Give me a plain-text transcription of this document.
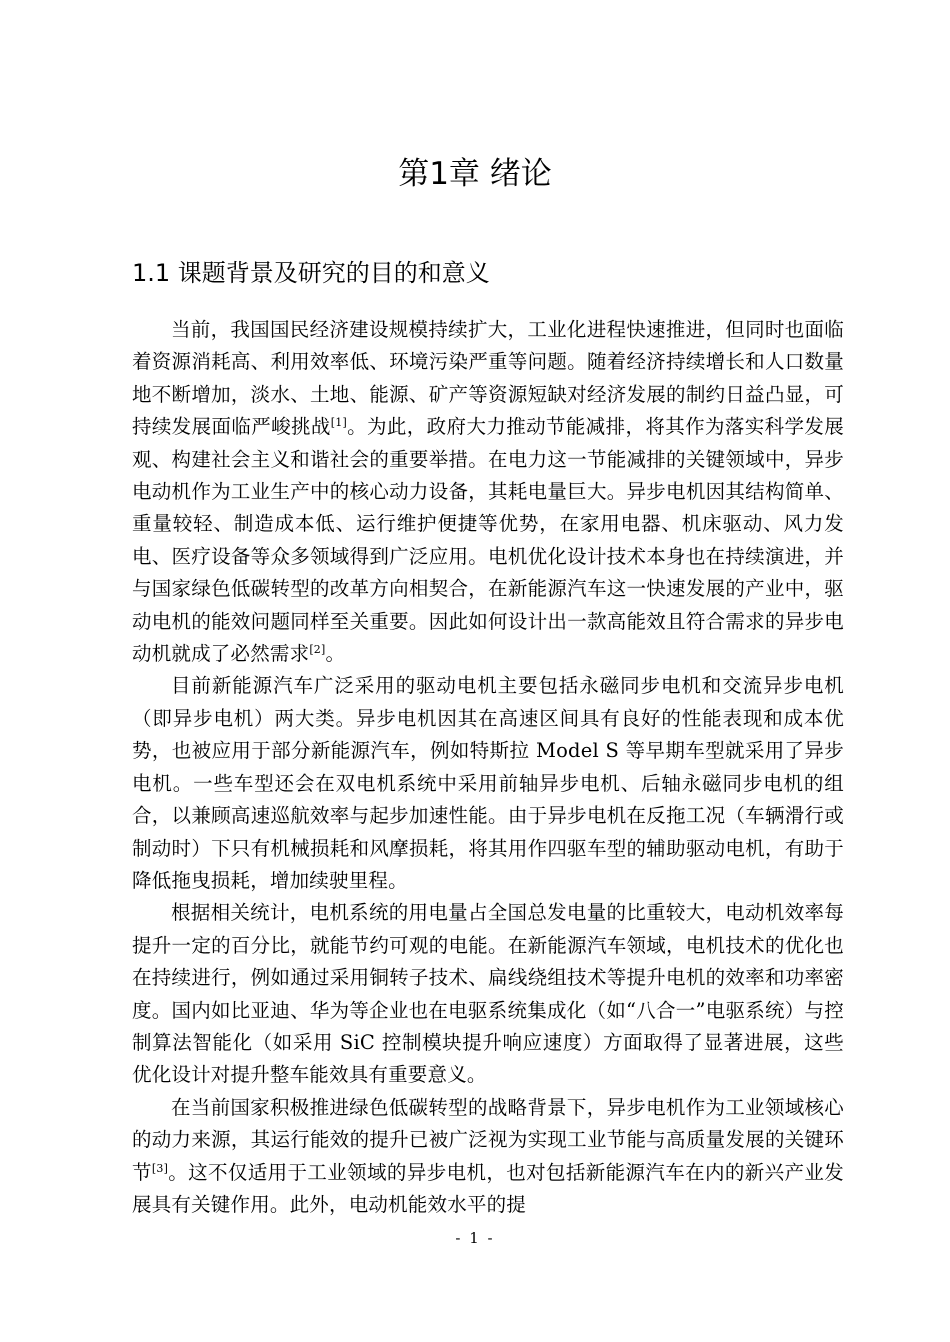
第1章 绪论
1.1 课题背景及研究的目的和意义

当前，我国国民经济建设规模持续扩大，工业化进程快速推进，但同时也面临着资源消耗高、利用效率低、环境污染严重等问题。随着经济持续增长和人口数量地不断增加，淡水、土地、能源、矿产等资源短缺对经济发展的制约日益凸显，可持续发展面临严峻挑战[1]。为此，政府大力推动节能减排，将其作为落实科学发展观、构建社会主义和谐社会的重要举措。在电力这一节能减排的关键领域中，异步电动机作为工业生产中的核心动力设备，其耗电量巨大。异步电机因其结构简单、重量较轻、制造成本低、运行维护便捷等优势，在家用电器、机床驱动、风力发电、医疗设备等众多领域得到广泛应用。电机优化设计技术本身也在持续演进，并与国家绿色低碳转型的改革方向相契合，在新能源汽车这一快速发展的产业中，驱动电机的能效问题同样至关重要。因此如何设计出一款高能效且符合需求的异步电动机就成了必然需求[2]。

目前新能源汽车广泛采用的驱动电机主要包括永磁同步电机和交流异步电机（即异步电机）两大类。异步电机因其在高速区间具有良好的性能表现和成本优势，也被应用于部分新能源汽车，例如特斯拉 Model S 等早期车型就采用了异步电机。一些车型还会在双电机系统中采用前轴异步电机、后轴永磁同步电机的组合，以兼顾高速巡航效率与起步加速性能。由于异步电机在反拖工况（车辆滑行或制动时）下只有机械损耗和风摩损耗，将其用作四驱车型的辅助驱动电机，有助于降低拖曳损耗，增加续驶里程。

根据相关统计，电机系统的用电量占全国总发电量的比重较大，电动机效率每提升一定的百分比，就能节约可观的电能。在新能源汽车领域，电机技术的优化也在持续进行，例如通过采用铜转子技术、扁线绕组技术等提升电机的效率和功率密度。国内如比亚迪、华为等企业也在电驱系统集成化（如“八合一”电驱系统）与控制算法智能化（如采用 SiC 控制模块提升响应速度）方面取得了显著进展，这些优化设计对提升整车能效具有重要意义。

在当前国家积极推进绿色低碳转型的战略背景下，异步电机作为工业领域核心的动力来源，其运行能效的提升已被广泛视为实现工业节能与高质量发展的关键环节[3]。这不仅适用于工业领域的异步电机，也对包括新能源汽车在内的新兴产业发展具有关键作用。此外，电动机能效水平的提

- 1 -
